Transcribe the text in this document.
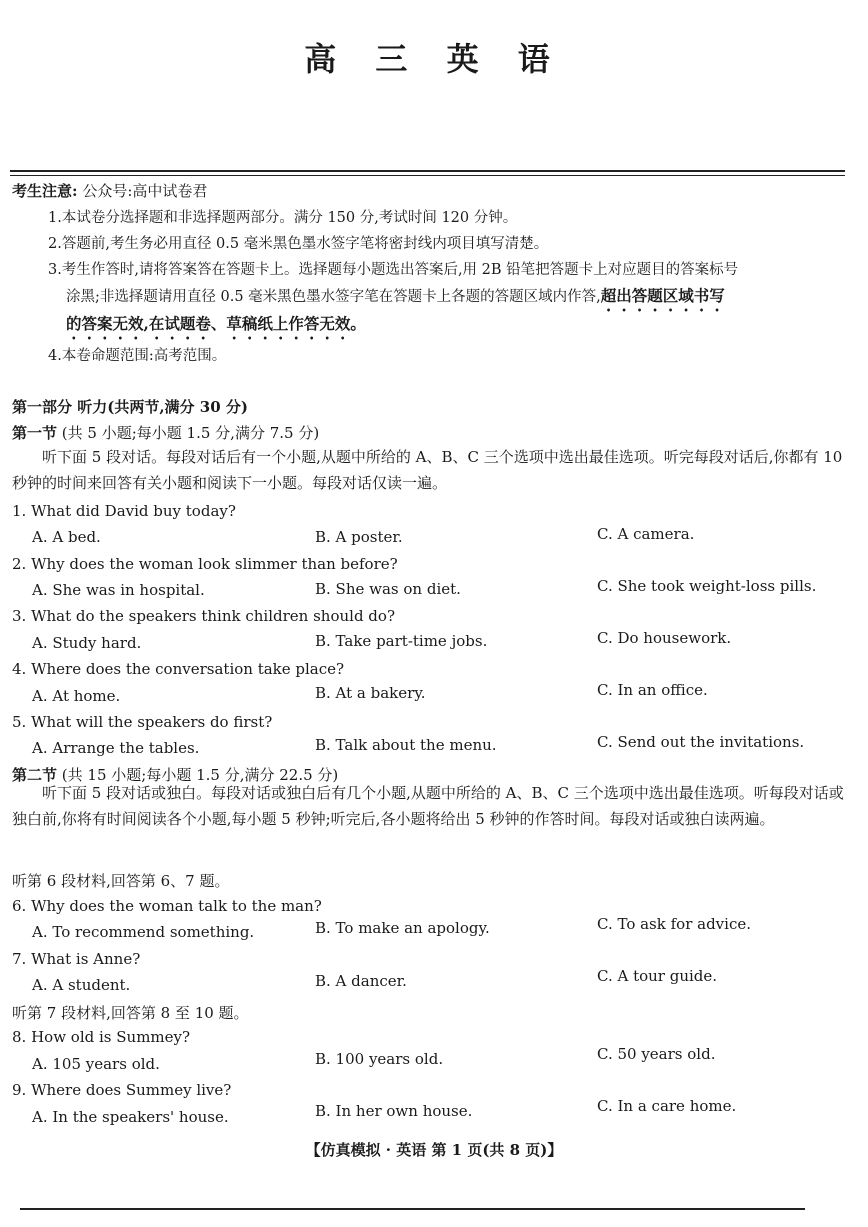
高 三 英 语
考生注意: 公众号:高中试卷君
1.本试卷分选择题和非选择题两部分。满分 150 分,考试时间 120 分钟。
2.答题前,考生务必用直径 0.5 毫米黑色墨水签字笔将密封线内项目填写清楚。
3.考生作答时,请将答案答在答题卡上。选择题每小题选出答案后,用 2B 铅笔把答题卡上对应题目的答案标号
涂黑;非选择题请用直径 0.5 毫米黑色墨水签字笔在答题卡上各题的答题区域内作答,超出答题区域书写
的答案无效,在试题卷、草稿纸上作答无效。
4.本卷命题范围:高考范围。
第一部分 听力(共两节,满分 30 分)
第一节 (共 5 小题;每小题 1.5 分,满分 7.5 分)
听下面 5 段对话。每段对话后有一个小题,从题中所给的 A、B、C 三个选项中选出最佳选项。听完每段对话后,你都有 10 秒钟的时间来回答有关小题和阅读下一小题。每段对话仅读一遍。
1. What did David buy today?
A. A bed.	B. A poster.	C. A camera.
2. Why does the woman look slimmer than before?
A. She was in hospital.	B. She was on diet.	C. She took weight-loss pills.
3. What do the speakers think children should do?
A. Study hard.	B. Take part-time jobs.	C. Do housework.
4. Where does the conversation take place?
A. At home.	B. At a bakery.	C. In an office.
5. What will the speakers do first?
A. Arrange the tables.	B. Talk about the menu.	C. Send out the invitations.
第二节 (共 15 小题;每小题 1.5 分,满分 22.5 分)
听下面 5 段对话或独白。每段对话或独白后有几个小题,从题中所给的 A、B、C 三个选项中选出最佳选项。听每段对话或独白前,你将有时间阅读各个小题,每小题 5 秒钟;听完后,各小题将给出 5 秒钟的作答时间。每段对话或独白读两遍。
听第 6 段材料,回答第 6、7 题。
6. Why does the woman talk to the man?
A. To recommend something.	B. To make an apology.	C. To ask for advice.
7. What is Anne?
A. A student.	B. A dancer.	C. A tour guide.
听第 7 段材料,回答第 8 至 10 题。
8. How old is Summey?
A. 105 years old.	B. 100 years old.	C. 50 years old.
9. Where does Summey live?
A. In the speakers' house.	B. In her own house.	C. In a care home.
【仿真模拟 · 英语 第 1 页(共 8 页)】
